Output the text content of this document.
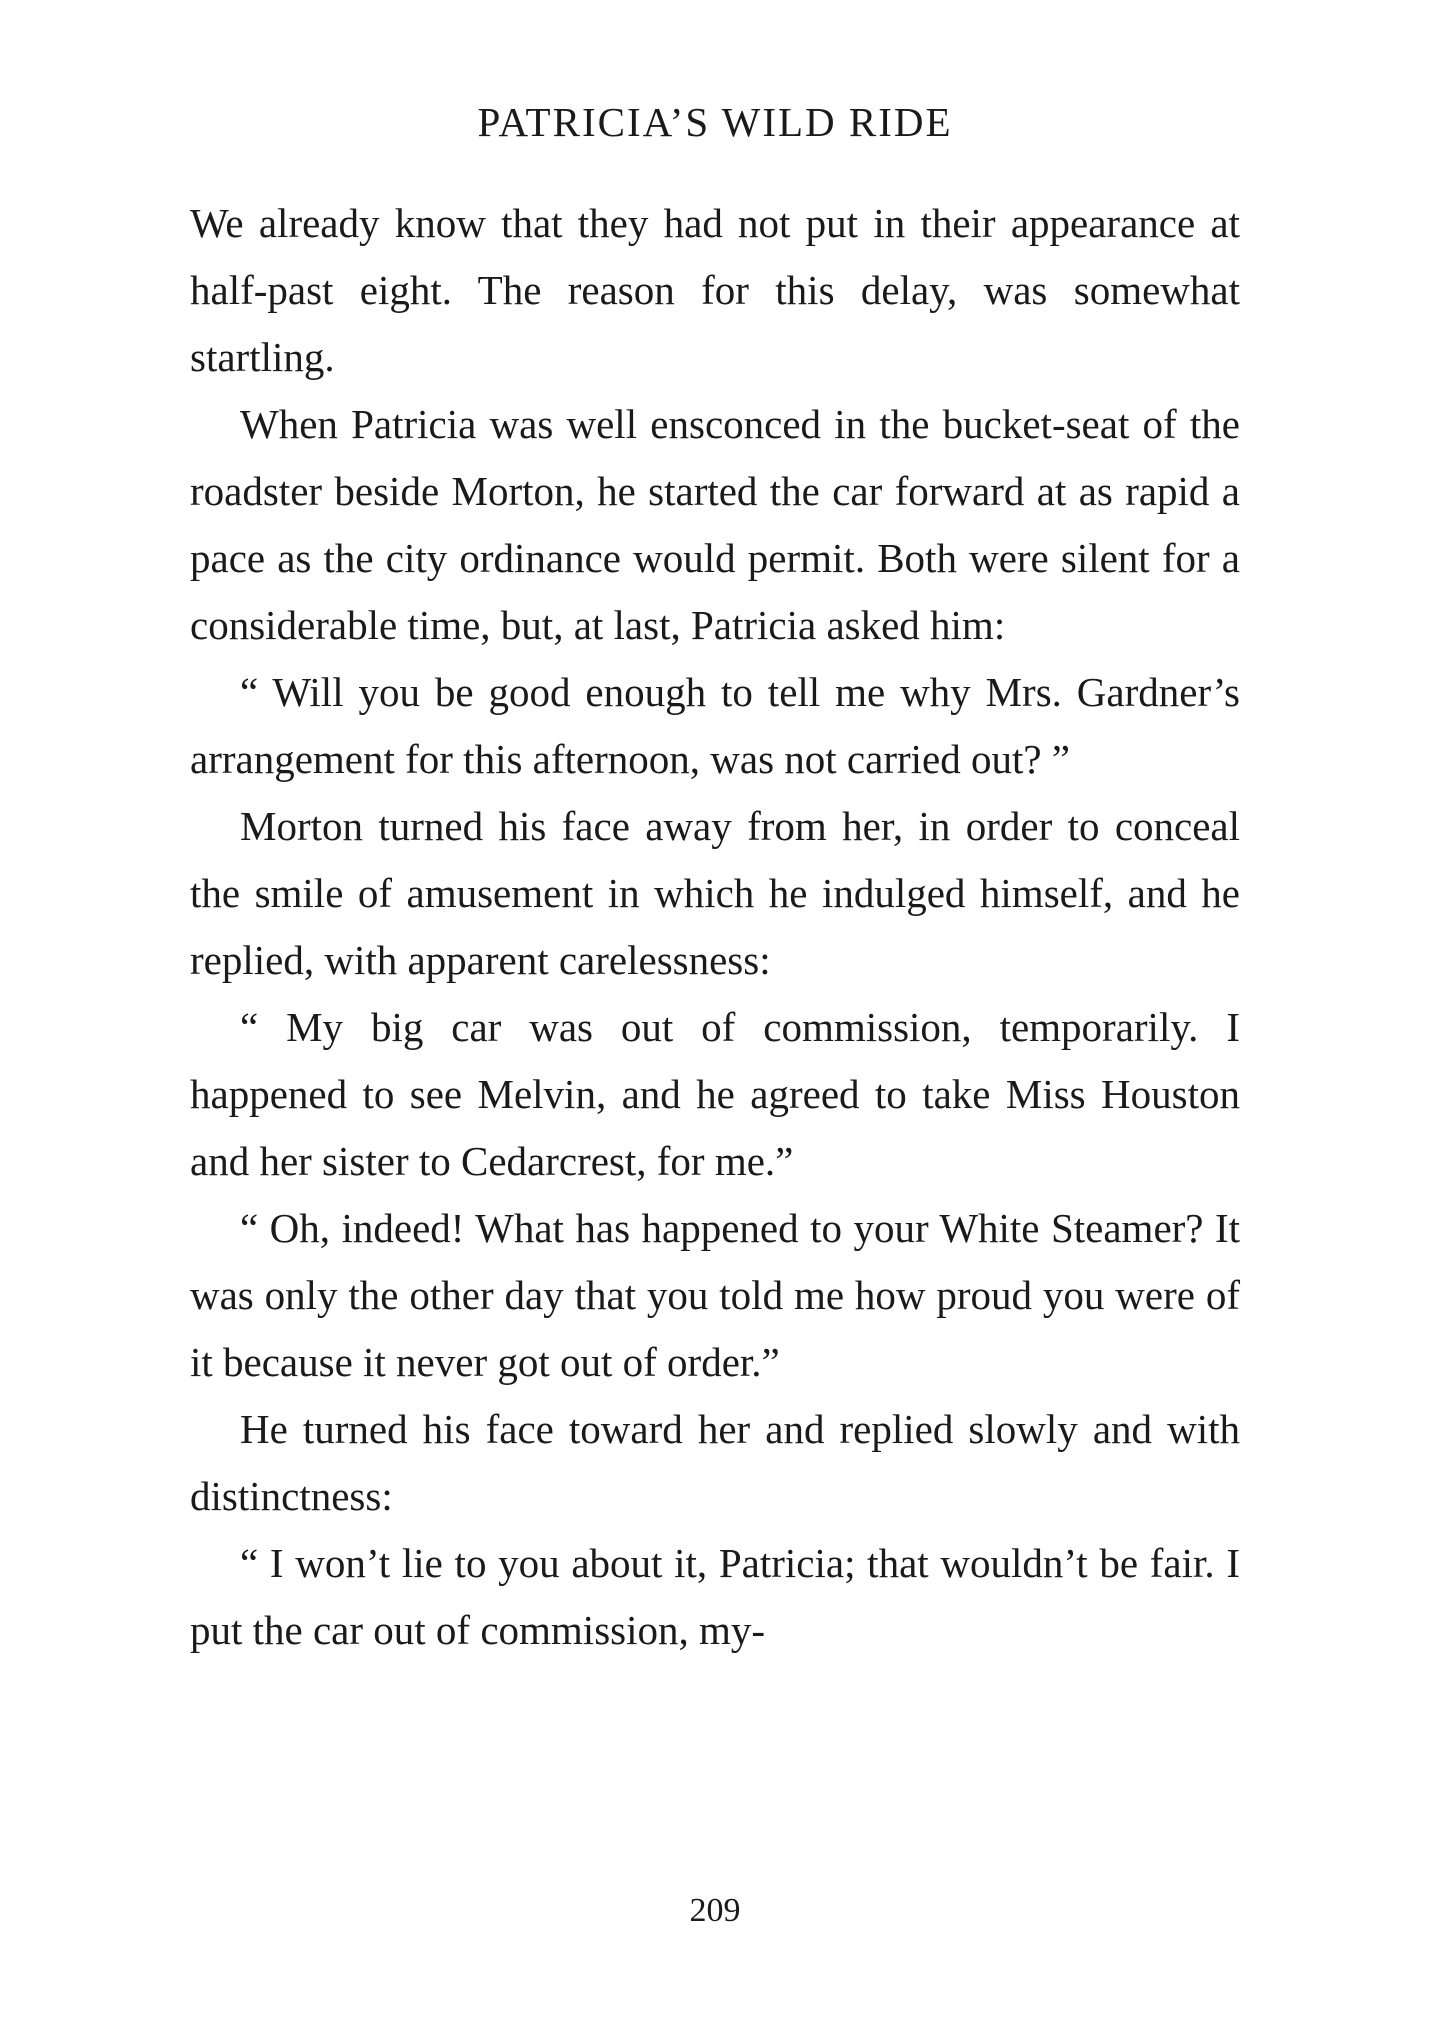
PATRICIA’S WILD RIDE

We already know that they had not put in their appearance at half-past eight. The reason for this delay, was somewhat startling.

When Patricia was well ensconced in the bucket-seat of the roadster beside Morton, he started the car forward at as rapid a pace as the city ordinance would permit. Both were silent for a considerable time, but, at last, Patricia asked him:

“ Will you be good enough to tell me why Mrs. Gardner’s arrangement for this afternoon, was not carried out? ”

Morton turned his face away from her, in order to conceal the smile of amusement in which he indulged himself, and he replied, with apparent carelessness:

“ My big car was out of commission, temporarily. I happened to see Melvin, and he agreed to take Miss Houston and her sister to Cedarcrest, for me.”

“ Oh, indeed! What has happened to your White Steamer? It was only the other day that you told me how proud you were of it because it never got out of order.”

He turned his face toward her and replied slowly and with distinctness:

“ I won’t lie to you about it, Patricia; that wouldn’t be fair. I put the car out of commission, my-

209
